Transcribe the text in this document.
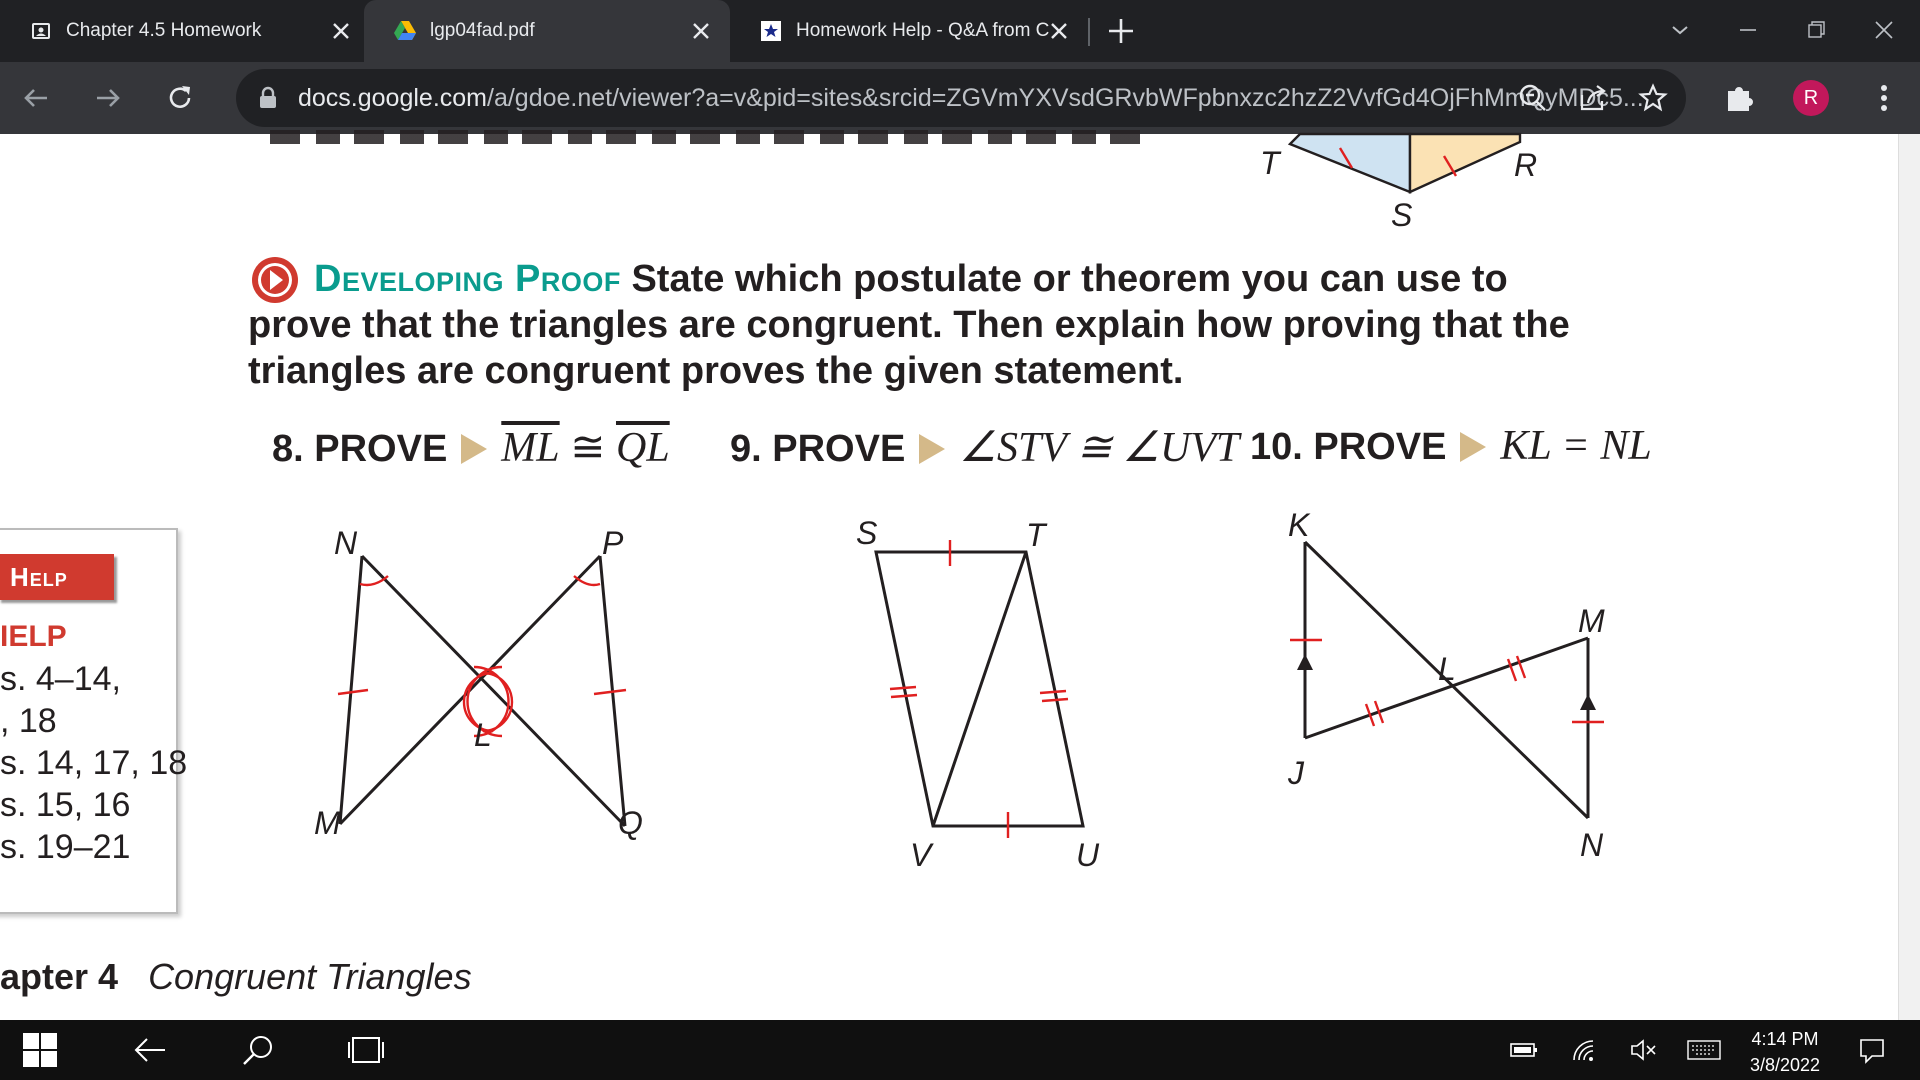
Chapter 4.5 Homework	lgp04fad.pdf	Homework Help - Q&A from C
docs.google.com/a/gdoe.net/viewer?a=v&pid=sites&srcid=ZGVmYXVsdGRvbWFpbnxzc2hzZ2VvfGd4OjFhMmQyMDc5...	R
T	R
S
Developing Proof State which postulate or theorem you can use to
prove that the triangles are congruent. Then explain how proving that the
triangles are congruent proves the given statement.
8. PROVE $\overline{ML}$ ≅ $\overline{QL}$ 9. PROVE ∠STV ≅ ∠UVT 10. PROVE KL = NL
N	P
L
M	Q
S	T
V	U
K
M
L
J
N
Help
IELP
s. 4–14,
, 18
s. 14, 17, 18
s. 15, 16
s. 19–21
apter 4 Congruent Triangles
4:14 PM
3/8/2022
